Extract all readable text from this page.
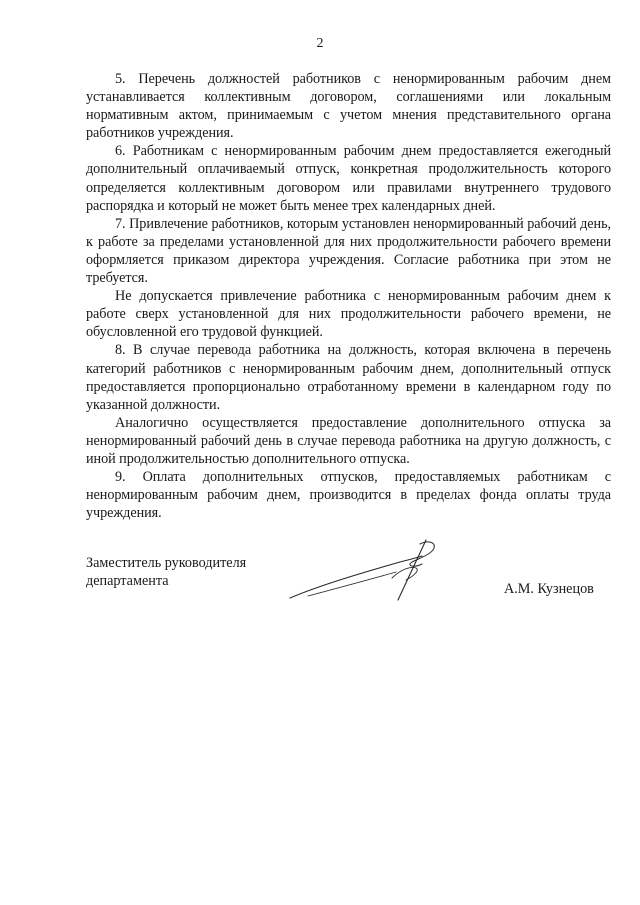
2

5. Перечень должностей работников с ненормированным рабочим днем устанавливается коллективным договором, соглашениями или локальным нормативным актом, принимаемым с учетом мнения представительного органа работников учреждения.

6. Работникам с ненормированным рабочим днем предоставляется ежегодный дополнительный оплачиваемый отпуск, конкретная продолжительность которого определяется коллективным договором или правилами внутреннего трудового распорядка и который не может быть менее трех календарных дней.

7. Привлечение работников, которым установлен ненормированный рабочий день, к работе за пределами установленной для них продолжительности рабочего времени оформляется приказом директора учреждения. Согласие работника при этом не требуется.

Не допускается привлечение работника с ненормированным рабочим днем к работе сверх установленной для них продолжительности рабочего времени, не обусловленной его трудовой функцией.

8. В случае перевода работника на должность, которая включена в перечень категорий работников с ненормированным рабочим днем, дополнительный отпуск предоставляется пропорционально отработанному времени в календарном году по указанной должности.

Аналогично осуществляется предоставление дополнительного отпуска за ненормированный рабочий день в случае перевода работника на другую должность, с иной продолжительностью дополнительного отпуска.

9. Оплата дополнительных отпусков, предоставляемых работникам с ненормированным рабочим днем, производится в пределах фонда оплаты труда учреждения.

Заместитель руководителя
департамента	А.М. Кузнецов
